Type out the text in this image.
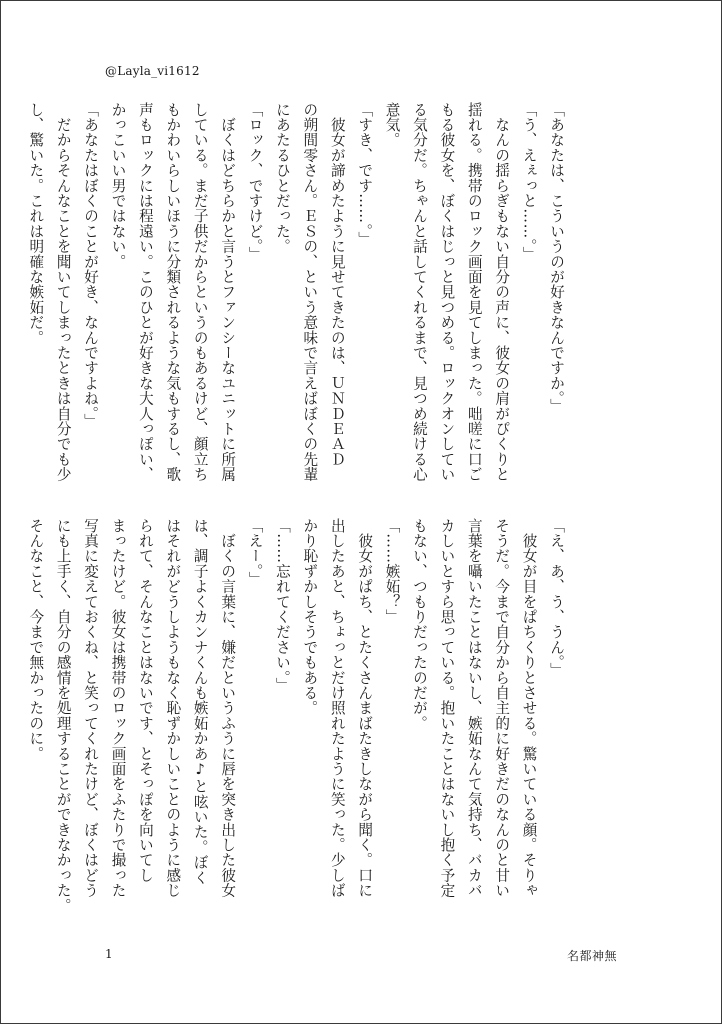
@Layla_vi1612

「あなたは、こういうのが好きなんですか。」

「う、えぇっと……。」

　なんの揺らぎもない自分の声に、彼女の肩がぴくりと

揺れる。携帯のロック画面を見てしまった。咄嗟に口ご

もる彼女を、ぼくはじっと見つめる。ロックオンしてい

る気分だ。ちゃんと話してくれるまで、見つめ続ける心

意気。

「すき、です……。」

　彼女が諦めたように見せてきたのは、ＵＮＤＥＡＤ

の朔間零さん。ＥＳの、という意味で言えばぼくの先輩

にあたるひとだった。

「ロック、ですけど。」

　ぼくはどちらかと言うとファンシーなユニットに所属

している。まだ子供だからというのもあるけど、顔立ち

もかわいらしいほうに分類されるような気もするし、歌

声もロックには程遠い。このひとが好きな大人っぽい、

かっこいい男ではない。

「あなたはぼくのことが好き、なんですよね。」

　だからそんなことを聞いてしまったときは自分でも少

し、驚いた。これは明確な嫉妬だ。

「え、あ、う、うん。」

　彼女が目をぱちくりとさせる。驚いている顔。そりゃ

そうだ。今まで自分から自主的に好きだのなんのと甘い

言葉を囁いたことはないし、嫉妬なんて気持ち、バカバ

カしいとすら思っている。抱いたことはないし抱く予定

もない、つもりだったのだが。

「……嫉妬？」

　彼女がぱち、とたくさんまばたきしながら聞く。口に

出したあと、ちょっとだけ照れたように笑った。少しば

かり恥ずかしそうでもある。

「……忘れてください。」

「えー。」

　ぼくの言葉に、嫌だというふうに唇を突き出した彼女

は、調子よくカンナくんも嫉妬かあ♪と呟いた。ぼく

はそれがどうしようもなく恥ずかしいことのように感じ

られて、そんなことはないです、とそっぽを向いてし

まったけど。彼女は携帯のロック画面をふたりで撮った

写真に変えておくね、と笑ってくれたけど、ぼくはどう

にも上手く、自分の感情を処理することができなかった。

そんなこと、今まで無かったのに。

1	名都神無
